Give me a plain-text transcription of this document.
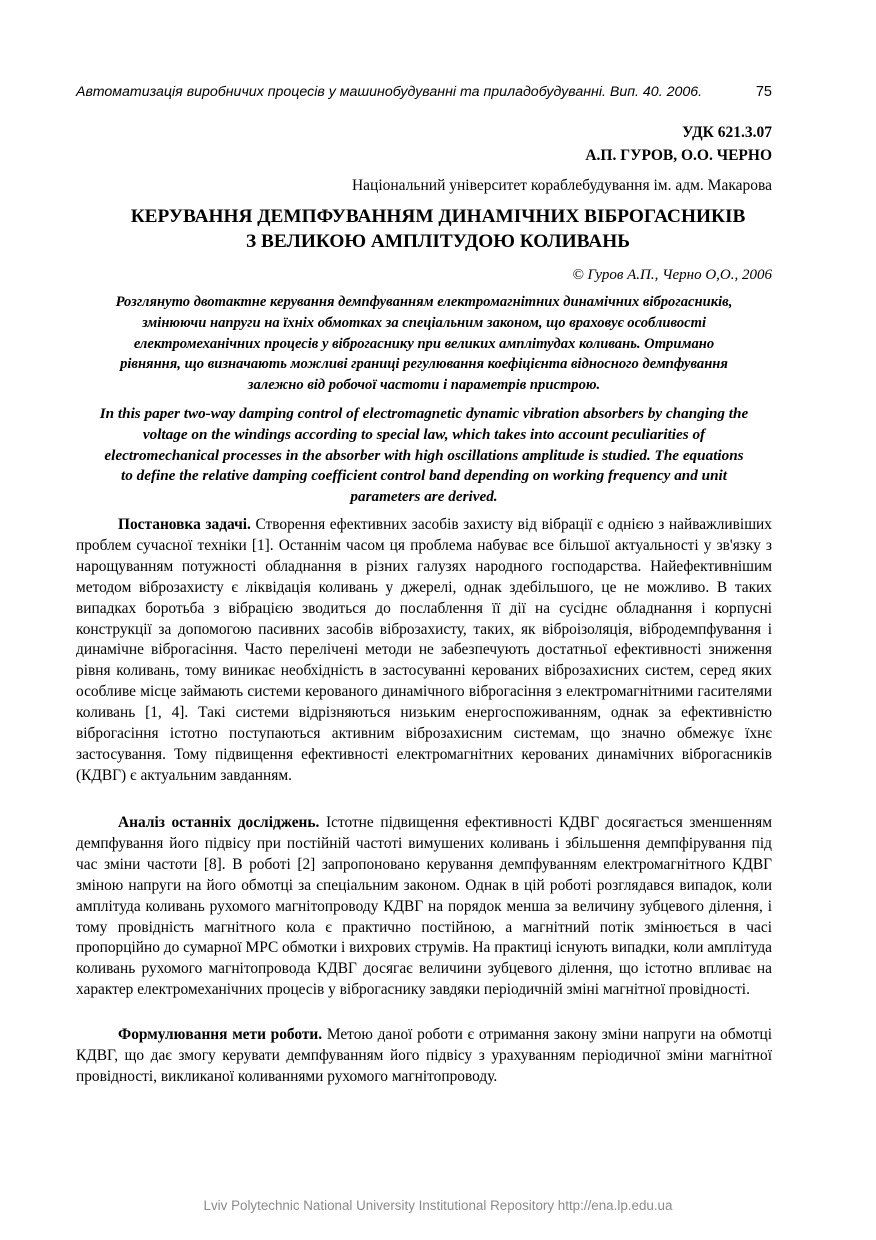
Автоматизація виробничих процесів у машинобудуванні та приладобудуванні. Вип. 40. 2006.	75
УДК 621.3.07
А.П. ГУРОВ, О.О. ЧЕРНО
Національний університет кораблебудування ім. адм. Макарова
КЕРУВАННЯ ДЕМПФУВАННЯМ ДИНАМІЧНИХ ВІБРОГАСНИКІВ
З ВЕЛИКОЮ АМПЛІТУДОЮ КОЛИВАНЬ
© Гуров А.П., Черно О,О., 2006

Розглянуто двотактне керування демпфуванням електромагнітних динамічних віброгасників,
змінюючи напруги на їхніх обмотках за спеціальним законом, що враховує особливості
електромеханічних процесів у віброгаснику при великих амплітудах коливань. Отримано
рівняння, що визначають можливі границі регулювання коефіцієнта відносного демпфування
залежно від робочої частоти і параметрів пристрою.

In this paper two-way damping control of electromagnetic dynamic vibration absorbers by changing the
voltage on the windings according to special law, which takes into account peculiarities of
electromechanical processes in the absorber with high oscillations amplitude is studied. The equations
to define the relative damping coefficient control band depending on working frequency and unit
parameters are derived.

Постановка задачі. Створення ефективних засобів захисту від вібрації є однією з найважливіших проблем сучасної техніки [1]. Останнім часом ця проблема набуває все більшої актуальності у зв'язку з нарощуванням потужності обладнання в різних галузях народного господарства. Найефективнішим методом віброзахисту є ліквідація коливань у джерелі, однак здебільшого, це не можливо. В таких випадках боротьба з вібрацією зводиться до послаблення її дії на сусіднє обладнання і корпусні конструкції за допомогою пасивних засобів віброзахисту, таких, як віброізоляція, вібродемпфування і динамічне віброгасіння. Часто перелічені методи не забезпечують достатньої ефективності зниження рівня коливань, тому виникає необхідність в застосуванні керованих віброзахисних систем, серед яких особливе місце займають системи керованого динамічного віброгасіння з електромагнітними гасителями коливань [1, 4]. Такі системи відрізняються низьким енергоспоживанням, однак за ефективністю віброгасіння істотно поступаються активним віброзахисним системам, що значно обмежує їхнє застосування. Тому підвищення ефективності електромагнітних керованих динамічних віброгасників (КДВГ) є актуальним завданням.

Аналіз останніх досліджень. Істотне підвищення ефективності КДВГ досягається зменшенням демпфування його підвісу при постійній частоті вимушених коливань і збільшення демпфірування під час зміни частоти [8]. В роботі [2] запропоновано керування демпфуванням електромагнітного КДВГ зміною напруги на його обмотці за спеціальним законом. Однак в цій роботі розглядався випадок, коли амплітуда коливань рухомого магнітопроводу КДВГ на порядок менша за величину зубцевого ділення, і тому провідність магнітного кола є практично постійною, а магнітний потік змінюється в часі пропорційно до сумарної МРС обмотки і вихрових струмів. На практиці існують випадки, коли амплітуда коливань рухомого магнітопровода КДВГ досягає величини зубцевого ділення, що істотно впливає на характер електромеханічних процесів у віброгаснику завдяки періодичній зміні магнітної провідності.

Формулювання мети роботи. Метою даної роботи є отримання закону зміни напруги на обмотці КДВГ, що дає змогу керувати демпфуванням його підвісу з урахуванням періодичної зміни магнітної провідності, викликаної коливаннями рухомого магнітопроводу.

Lviv Polytechnic National University Institutional Repository http://ena.lp.edu.ua
